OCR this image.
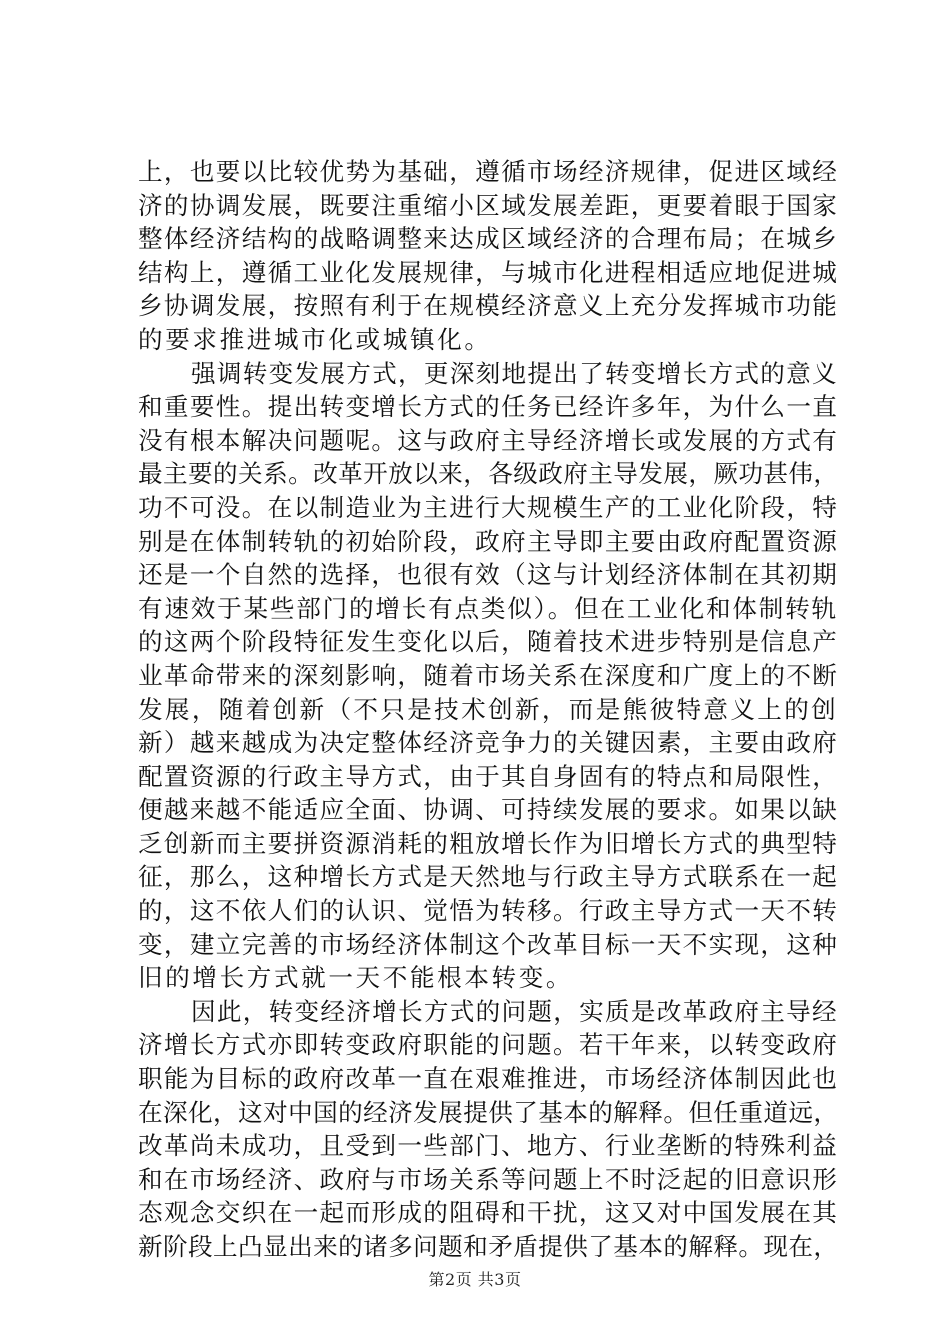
上，也要以比较优势为基础，遵循市场经济规律，促进区域经
济的协调发展，既要注重缩小区域发展差距，更要着眼于国家
整体经济结构的战略调整来达成区域经济的合理布局；在城乡
结构上，遵循工业化发展规律，与城市化进程相适应地促进城
乡协调发展，按照有利于在规模经济意义上充分发挥城市功能
的要求推进城市化或城镇化。
强调转变发展方式，更深刻地提出了转变增长方式的意义
和重要性。提出转变增长方式的任务已经许多年，为什么一直
没有根本解决问题呢。这与政府主导经济增长或发展的方式有
最主要的关系。改革开放以来，各级政府主导发展，厥功甚伟，
功不可没。在以制造业为主进行大规模生产的工业化阶段，特
别是在体制转轨的初始阶段，政府主导即主要由政府配置资源
还是一个自然的选择，也很有效（这与计划经济体制在其初期
有速效于某些部门的增长有点类似）。但在工业化和体制转轨
的这两个阶段特征发生变化以后，随着技术进步特别是信息产
业革命带来的深刻影响，随着市场关系在深度和广度上的不断
发展，随着创新（不只是技术创新，而是熊彼特意义上的创
新）越来越成为决定整体经济竞争力的关键因素，主要由政府
配置资源的行政主导方式，由于其自身固有的特点和局限性，
便越来越不能适应全面、协调、可持续发展的要求。如果以缺
乏创新而主要拼资源消耗的粗放增长作为旧增长方式的典型特
征，那么，这种增长方式是天然地与行政主导方式联系在一起
的，这不依人们的认识、觉悟为转移。行政主导方式一天不转
变，建立完善的市场经济体制这个改革目标一天不实现，这种
旧的增长方式就一天不能根本转变。
因此，转变经济增长方式的问题，实质是改革政府主导经
济增长方式亦即转变政府职能的问题。若干年来，以转变政府
职能为目标的政府改革一直在艰难推进，市场经济体制因此也
在深化，这对中国的经济发展提供了基本的解释。但任重道远，
改革尚未成功，且受到一些部门、地方、行业垄断的特殊利益
和在市场经济、政府与市场关系等问题上不时泛起的旧意识形
态观念交织在一起而形成的阻碍和干扰，这又对中国发展在其
新阶段上凸显出来的诸多问题和矛盾提供了基本的解释。现在，
第2页 共3页
